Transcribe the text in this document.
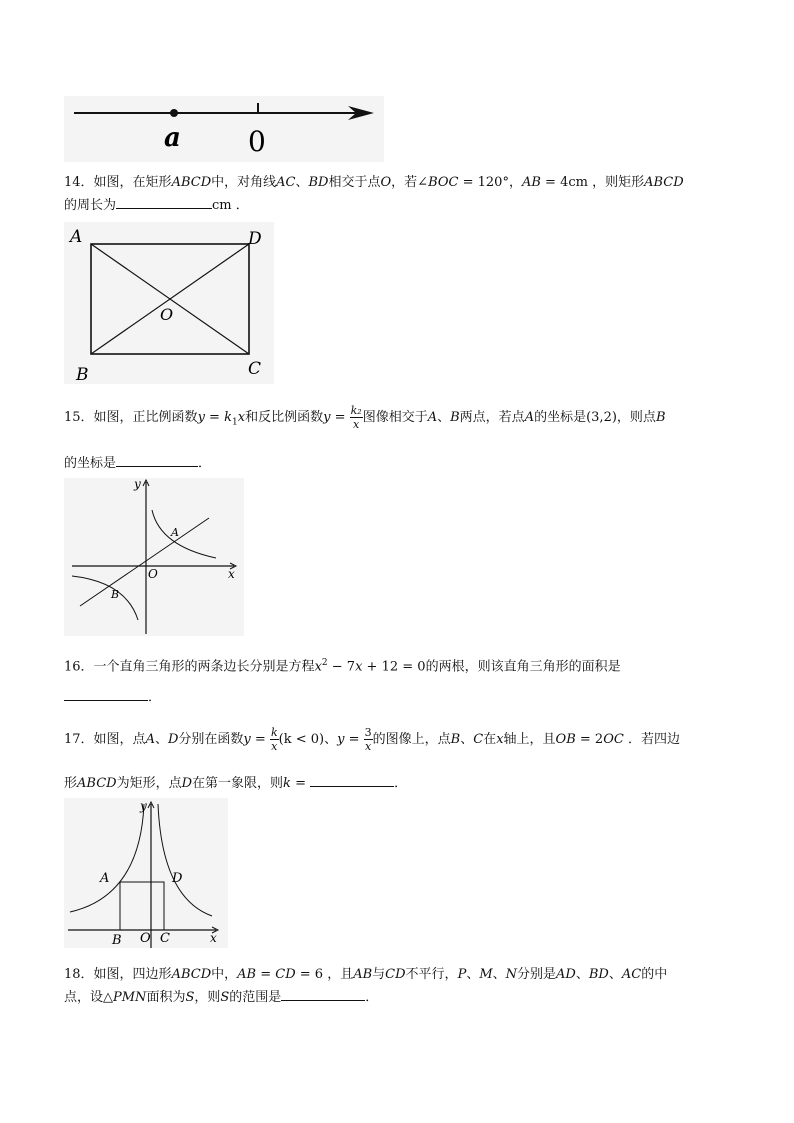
a 0
14．如图，在矩形ABCD中，对角线AC、BD相交于点O，若∠BOC = 120°，AB = 4cm ，则矩形ABCD
的周长为	cm ．
A	D
B	C
O
15．如图，正比例函数$y = k_1x$和反比例函数$y = \frac{\text{k₂}}{x}$ 图像相交于A、B两点，若点A的坐标是(3,2)，则点B
的坐标是	．
y
x
O
A
B
16．一个直角三角形的两条边长分别是方程$x^2 - 7x + 12 = 0$的两根，则该直角三角形的面积是
．
17．如图，点A、D分别在函数$y = \frac{k}{x} (k < 0)$、$y = \frac{3}{x}$ 的图像上，点B、C在x轴上，且OB = 2OC ．若四边
形ABCD为矩形，点D在第一象限，则k =	．
y
x
A	D
B O C
18．如图，四边形ABCD中，AB = CD = 6 ，且AB与CD不平行，P、M、N分别是AD、BD、AC的中
点，设△PMN面积为S，则S的范围是	．
